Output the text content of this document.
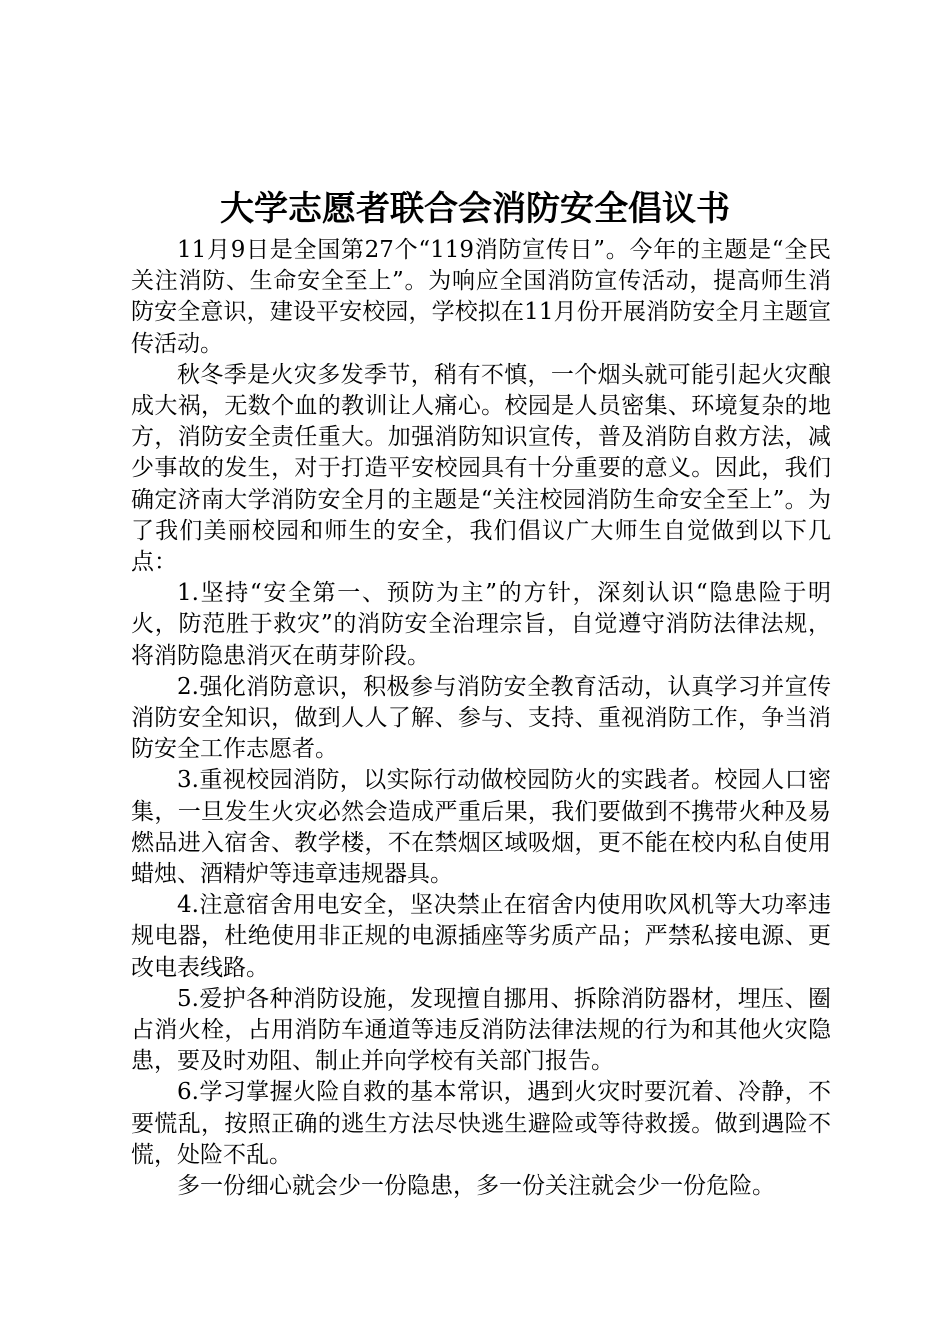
大学志愿者联合会消防安全倡议书

11月9日是全国第27个“119消防宣传日”。今年的主题是“全民关注消防、生命安全至上”。为响应全国消防宣传活动，提高师生消防安全意识，建设平安校园，学校拟在11月份开展消防安全月主题宣传活动。

秋冬季是火灾多发季节，稍有不慎，一个烟头就可能引起火灾酿成大祸，无数个血的教训让人痛心。校园是人员密集、环境复杂的地方，消防安全责任重大。加强消防知识宣传，普及消防自救方法，减少事故的发生，对于打造平安校园具有十分重要的意义。因此，我们确定济南大学消防安全月的主题是“关注校园消防生命安全至上”。为了我们美丽校园和师生的安全，我们倡议广大师生自觉做到以下几点：

1.坚持“安全第一、预防为主”的方针，深刻认识“隐患险于明火，防范胜于救灾”的消防安全治理宗旨，自觉遵守消防法律法规，将消防隐患消灭在萌芽阶段。

2.强化消防意识，积极参与消防安全教育活动，认真学习并宣传消防安全知识，做到人人了解、参与、支持、重视消防工作，争当消防安全工作志愿者。

3.重视校园消防，以实际行动做校园防火的实践者。校园人口密集，一旦发生火灾必然会造成严重后果，我们要做到不携带火种及易燃品进入宿舍、教学楼，不在禁烟区域吸烟，更不能在校内私自使用蜡烛、酒精炉等违章违规器具。

4.注意宿舍用电安全，坚决禁止在宿舍内使用吹风机等大功率违规电器，杜绝使用非正规的电源插座等劣质产品；严禁私接电源、更改电表线路。

5.爱护各种消防设施，发现擅自挪用、拆除消防器材，埋压、圈占消火栓，占用消防车通道等违反消防法律法规的行为和其他火灾隐患，要及时劝阻、制止并向学校有关部门报告。

6.学习掌握火险自救的基本常识，遇到火灾时要沉着、冷静，不要慌乱，按照正确的逃生方法尽快逃生避险或等待救援。做到遇险不慌，处险不乱。

多一份细心就会少一份隐患，多一份关注就会少一份危险。
